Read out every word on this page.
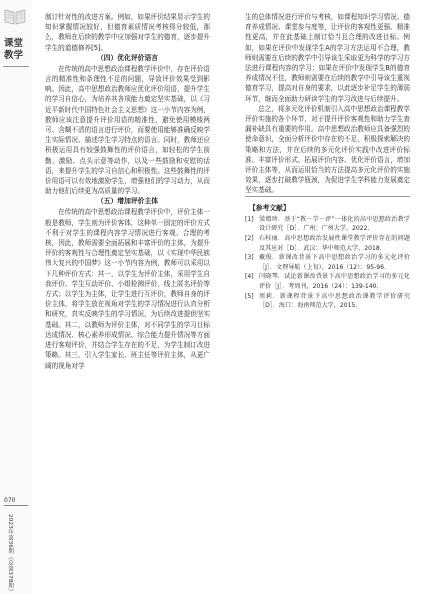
课堂
教学
070
2023年第36期（总第378期）

制订针对性的改进方案。例如，如果评价结果显示学生的知识掌握情况较好，但德育素质情况考核得分较低，那么，教师在后续的教学中应加强对学生的德育，逐步提升学生的道德修养[5]。

（四）优化评价语言

在传统的高中思想政治课程教学评价中，存在评价语言的精准性和条理性不足的问题，导致评价效果受到影响。因此，高中思想政治教师应优化评价用语，提升学生的学习自信心，为培养其各项能力奠定坚实基础，以《习近平新时代中国特色社会主义思想》这一小节内容为例，教师应该注意提升评价用语的精准性，避免使用模棱两可、含糊不清的语言进行评价，而要使用能够准确反映学生实际情况、描述学生学习特点的语言。同时，教师还应积极运用具有较强鼓舞性的评价语言，如轻松的学生前勤、激励、点头示意等动作，以及一些鼓励和安慰的话语，来提升学生的学习自信心和积极性。这些鼓舞性的评价用语可以有效地激励学生，增强他们的学习动力，从而助力他们后续更为高质量的学习。

（五）增加评价主体

在传统的高中思想政治课程教学评价中，评价主体一般是教师，学生则为评价客体，这种单一固定的评价方式不利于对学生的课程内容学习情况进行客观、合理的考核，因此，教师需要全面拓展和丰富评价的主体，为提升评价的客观性与合理性奠定坚实基础，以《实现中华民族伟大复兴的中国梦》这一小节内容为例，教师可以采用以下几种评价方式：其一，以学生为评价主体，采用学生自我评价、学生互动评价、小组检测评价，线上匿名评价等方式；以学生为主体，让学生进行互评价，教师自身的评价主体，将学生放在视角对学生的学习情况进行认真分析和研究，真实反映学生的学习情况，为后续改进提供坚实基础。其二，以教师为评价主体，对不同学生的学习目标达成情况、核心素养形成情况、综合能力提升情况等方面进行客观评价，并结合学生存在的不足，为学生制订改进策略。其三，引入学生家长、班主任等评价主体，从更广阔的视角对学

生的总体情况进行评价与考核，如课程知识学习情况、德育养成情况、课堂参与度等，让评价的客观性更强、精准性更高，并在此基础上制订恰当且合理的改进目标。例如，如果在评价中发现学生A的学习方法运用不合理，教师则需要在后续的教学中引导该生采取更为科学的学习方法进行课程内容的学习；如果在评价中发现学生B的德育养成情况不佳，教师则需要在后续的教学中引导该生重视德育学习，提高对自身的要求，以此逐步补足学生的薄弱环节，继而全面助力研读学生的学习改进与后续提升。

总之，将多元化评价机制引入高中思想政治课程教学评价实施的各个环节，对于提升评价客观性和助力学生查漏补缺具有重要的作用。高中思想政治教师应具备强烈的使命意识，全面分析评价中存在的不足，积极探索解决的策略和方法，并在后续的多元化评价实践中改进评价标准、丰富评价形式、拓展评价内容、优化评价语言，增加评价主体等，从而运用恰当的方法提高多元化评价的实施效果，逐步打破教学瓶颈，为促进学生学科能力发展奠定坚实基础。

【参考文献】
[1] 梁增珍．基于“教－学－评”一体化的高中思想政治教学设计研究［D］．广州：广州大学，2022.
[2] 石桂丽．高中思想政治发展性课堂教学评价存在的问题及其应对［D］．武汉：华中师范大学，2018.
[3] 戴俊．新课改背景下高中思想政治学习的多元化评价［J］．文理导航（上旬），2016（12）：95-96.
[4] 闫晓琴．试论新课改背景下高中思想政治学习的多元化评价［J］．考周刊，2016（24）：139-140.
[5] 周莉．新课程背景下高中思想政治课教学评价研究［D］．海口：海南师范大学，2015.
